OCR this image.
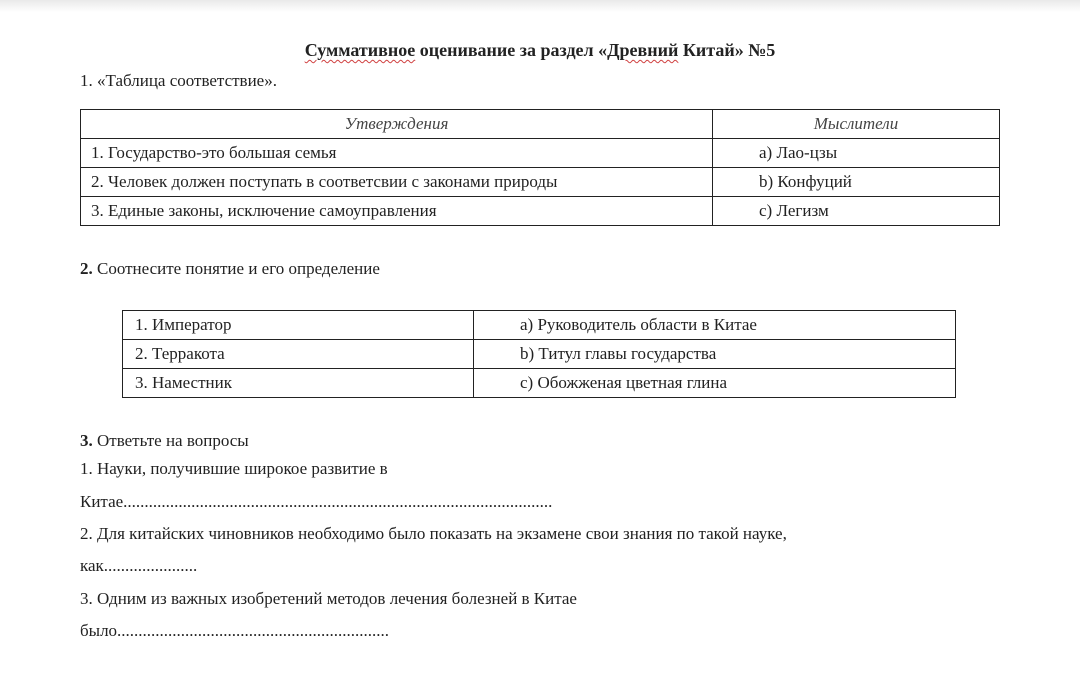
Суммативное оценивание за раздел «Древний Китай» №5
1. «Таблица соответствие».
Утверждения	Мыслители
1. Государство-это большая семья	a) Лао-цзы
2. Человек должен поступать в соответсвии с законами природы	b) Конфуций
3. Единые законы, исключение самоуправления	c) Легизм
2. Соотнесите понятие и его определение
1. Император	a) Руководитель области в Китае
2. Терракота	b) Титул главы государства
3. Наместник	c) Обожженая цветная глина
3. Ответьте на вопросы
1. Науки, получившие широкое развитие в
Китае.....................................................................................................
2. Для китайских чиновников необходимо было показать на экзамене свои знания по такой науке,
как......................
3. Одним из важных изобретений методов лечения болезней в Китае
было................................................................
